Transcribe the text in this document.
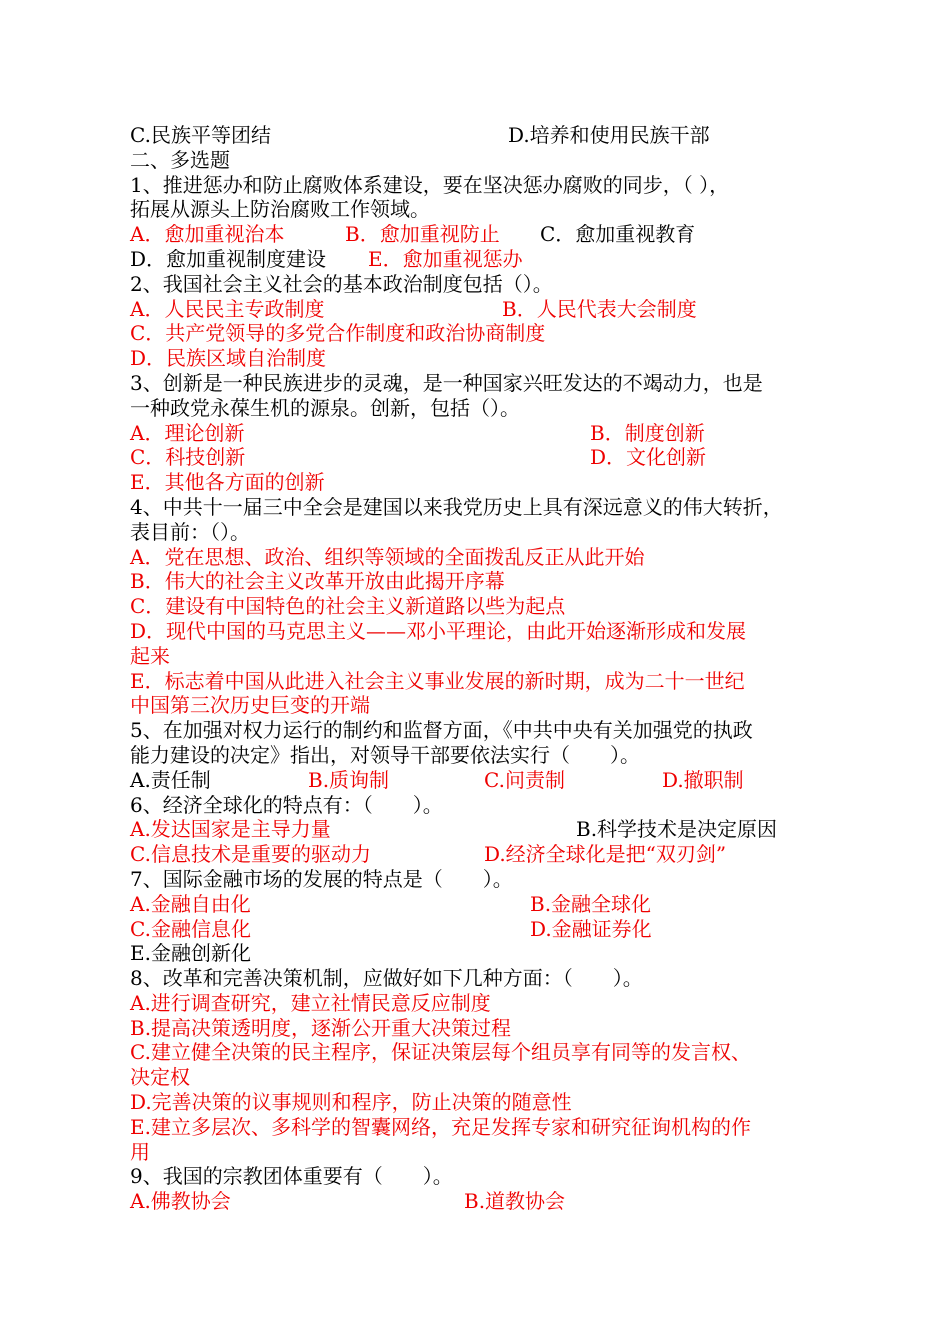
C.民族平等团结	D.培养和使用民族干部
二、多选题
1、推进惩办和防止腐败体系建设，要在坚决惩办腐败的同步，（ ），
拓展从源头上防治腐败工作领域。
A．愈加重视治本	B．愈加重视防止 C．愈加重视教育
D．愈加重视制度建设 E．愈加重视惩办
2、我国社会主义社会的基本政治制度包括（）。
A．人民民主专政制度	B．人民代表大会制度
C．共产党领导的多党合作制度和政治协商制度
D．民族区域自治制度
3、创新是一种民族进步的灵魂，是一种国家兴旺发达的不竭动力，也是
一种政党永葆生机的源泉。创新，包括（）。
A．理论创新	B．制度创新
C．科技创新	D．文化创新
E．其他各方面的创新
4、中共十一届三中全会是建国以来我党历史上具有深远意义的伟大转折，
表目前：（）。
A．党在思想、政治、组织等领域的全面拨乱反正从此开始
B．伟大的社会主义改革开放由此揭开序幕
C．建设有中国特色的社会主义新道路以些为起点
D．现代中国的马克思主义——邓小平理论，由此开始逐渐形成和发展
起来
E．标志着中国从此进入社会主义事业发展的新时期，成为二十一世纪
中国第三次历史巨变的开端
5、在加强对权力运行的制约和监督方面，《中共中央有关加强党的执政
能力建设的决定》指出，对领导干部要依法实行（　　）。
A.责任制	B.质询制	C.问责制	D.撤职制
6、经济全球化的特点有：（　　）。
A.发达国家是主导力量	B.科学技术是决定原因
C.信息技术是重要的驱动力	D.经济全球化是把“双刃剑”
7、国际金融市场的发展的特点是（　　）。
A.金融自由化	B.金融全球化
C.金融信息化	D.金融证券化
E.金融创新化
8、改革和完善决策机制，应做好如下几种方面：（　　）。
A.进行调查研究，建立社情民意反应制度
B.提高决策透明度，逐渐公开重大决策过程
C.建立健全决策的民主程序，保证决策层每个组员享有同等的发言权、
决定权
D.完善决策的议事规则和程序，防止决策的随意性
E.建立多层次、多科学的智囊网络，充足发挥专家和研究征询机构的作
用
9、我国的宗教团体重要有（　　）。
A.佛教协会	B.道教协会
